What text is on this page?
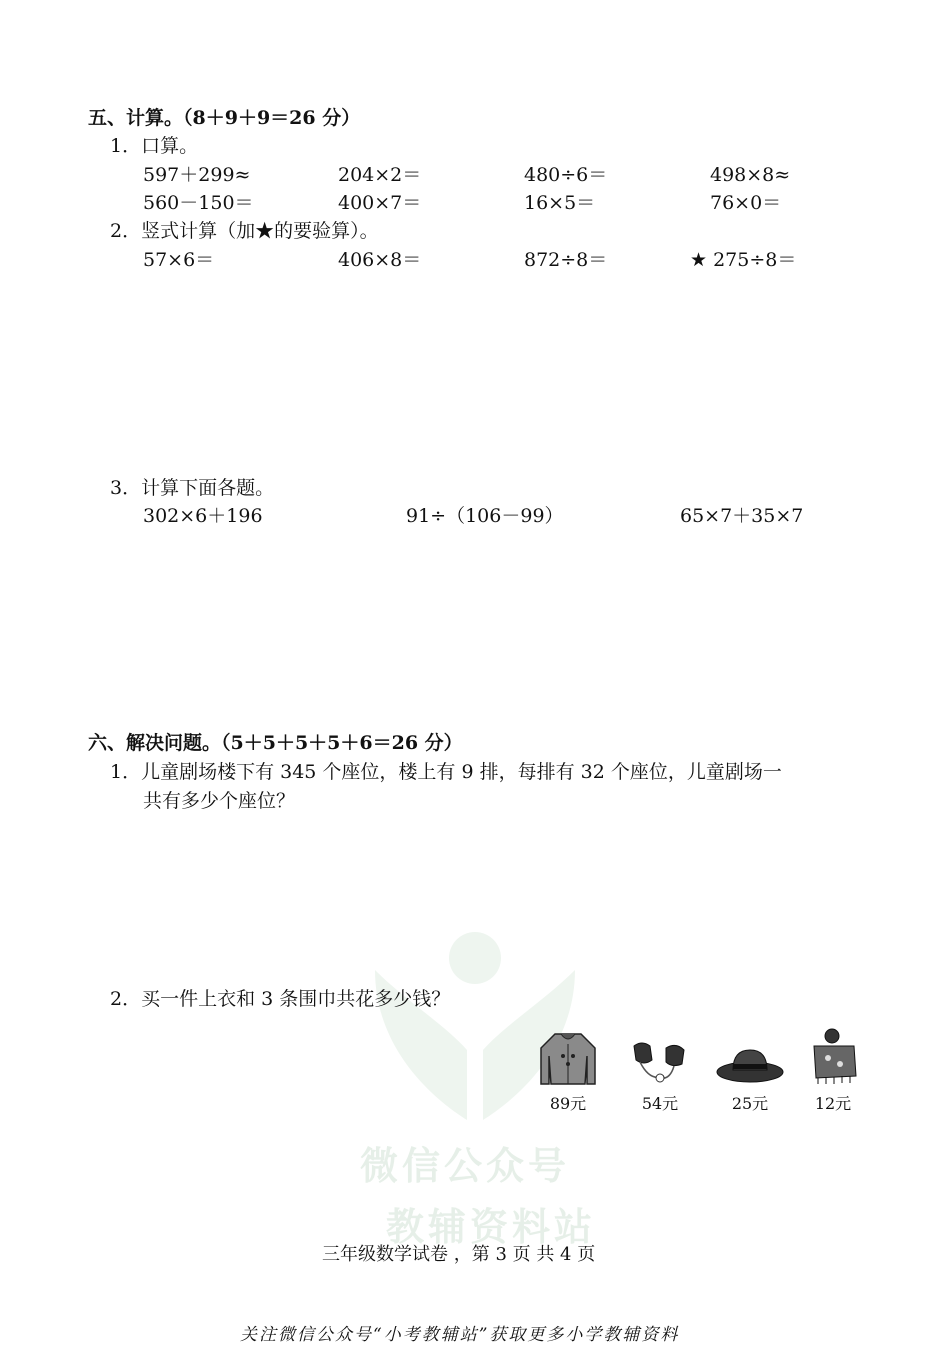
微信公众号
教辅资料站
五、计算。（8＋9＋9＝26 分）
1．口算。
597＋299≈	204×2＝	480÷6＝	498×8≈
560－150＝	400×7＝	16×5＝	76×0＝
2．竖式计算（加★的要验算）。
57×6＝	406×8＝	872÷8＝	★ 275÷8＝
3．计算下面各题。
302×6＋196	91÷（106－99）	65×7＋35×7
六、解决问题。（5＋5＋5＋5＋6＝26 分）
1．儿童剧场楼下有 345 个座位，楼上有 9 排，每排有 32 个座位，儿童剧场一
共有多少个座位？
2．买一件上衣和 3 条围巾共花多少钱？
89元	54元	25元	12元
三年级数学试卷 ，第 3 页 共 4 页
关注微信公众号“小考教辅站”获取更多小学教辅资料
